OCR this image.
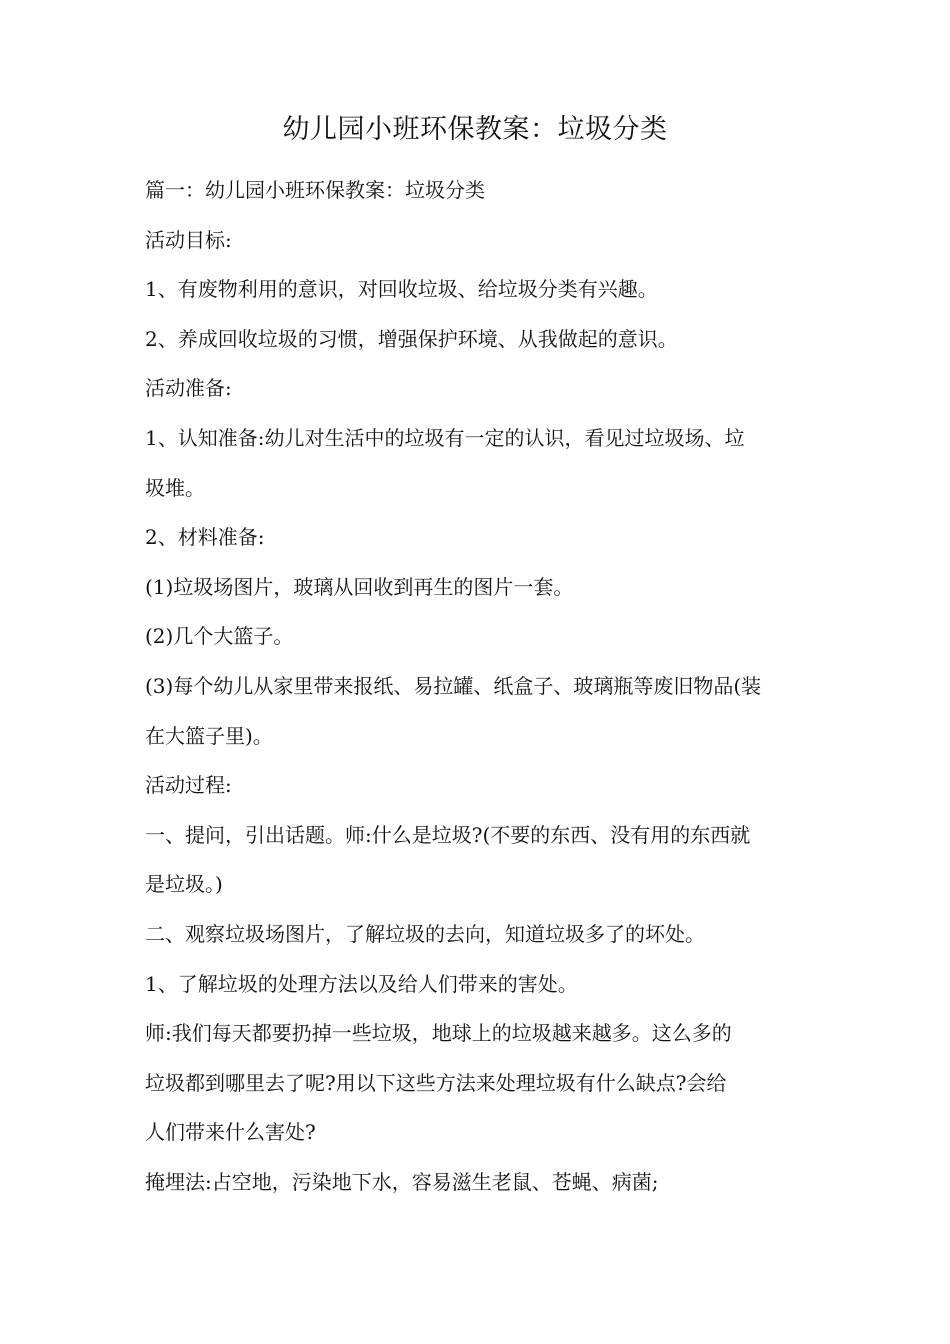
幼儿园小班环保教案：垃圾分类
篇一：幼儿园小班环保教案：垃圾分类
活动目标:
1、有废物利用的意识，对回收垃圾、给垃圾分类有兴趣。
2、养成回收垃圾的习惯，增强保护环境、从我做起的意识。
活动准备:
1、认知准备:幼儿对生活中的垃圾有一定的认识，看见过垃圾场、垃
圾堆。
2、材料准备:
(1)垃圾场图片，玻璃从回收到再生的图片一套。
(2)几个大篮子。
(3)每个幼儿从家里带来报纸、易拉罐、纸盒子、玻璃瓶等废旧物品(装
在大篮子里)。
活动过程:
一、提问，引出话题。师:什么是垃圾?(不要的东西、没有用的东西就
是垃圾。)
二、观察垃圾场图片，了解垃圾的去向，知道垃圾多了的坏处。
1、了解垃圾的处理方法以及给人们带来的害处。
师:我们每天都要扔掉一些垃圾，地球上的垃圾越来越多。这么多的
垃圾都到哪里去了呢?用以下这些方法来处理垃圾有什么缺点?会给
人们带来什么害处?
掩埋法:占空地，污染地下水，容易滋生老鼠、苍蝇、病菌;
